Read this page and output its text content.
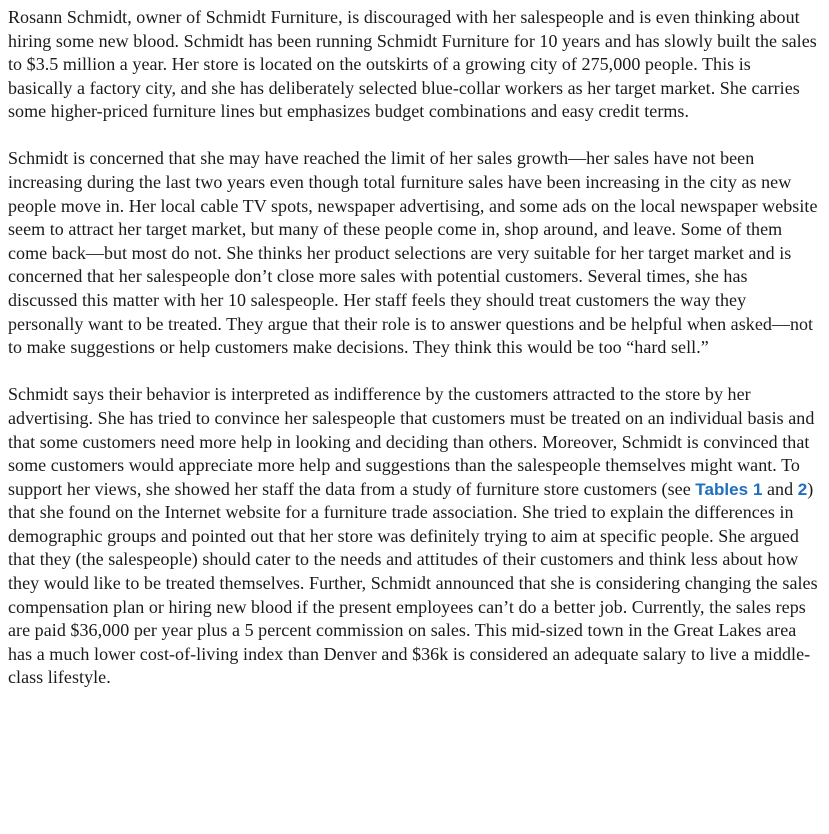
Rosann Schmidt, owner of Schmidt Furniture, is discouraged with her salespeople and is even thinking about hiring some new blood. Schmidt has been running Schmidt Furniture for 10 years and has slowly built the sales to $3.5 million a year. Her store is located on the outskirts of a growing city of 275,000 people. This is basically a factory city, and she has deliberately selected blue-collar workers as her target market. She carries some higher-priced furniture lines but emphasizes budget combinations and easy credit terms.

Schmidt is concerned that she may have reached the limit of her sales growth—her sales have not been increasing during the last two years even though total furniture sales have been increasing in the city as new people move in. Her local cable TV spots, newspaper advertising, and some ads on the local newspaper website seem to attract her target market, but many of these people come in, shop around, and leave. Some of them come back—but most do not. She thinks her product selections are very suitable for her target market and is concerned that her salespeople don’t close more sales with potential customers. Several times, she has discussed this matter with her 10 salespeople. Her staff feels they should treat customers the way they personally want to be treated. They argue that their role is to answer questions and be helpful when asked—not to make suggestions or help customers make decisions. They think this would be too “hard sell.”

Schmidt says their behavior is interpreted as indifference by the customers attracted to the store by her advertising. She has tried to convince her salespeople that customers must be treated on an individual basis and that some customers need more help in looking and deciding than others. Moreover, Schmidt is convinced that some customers would appreciate more help and suggestions than the salespeople themselves might want. To support her views, she showed her staff the data from a study of furniture store customers (see Tables 1 and 2) that she found on the Internet website for a furniture trade association. She tried to explain the differences in demographic groups and pointed out that her store was definitely trying to aim at specific people. She argued that they (the salespeople) should cater to the needs and attitudes of their customers and think less about how they would like to be treated themselves. Further, Schmidt announced that she is considering changing the sales compensation plan or hiring new blood if the present employees can’t do a better job. Currently, the sales reps are paid $36,000 per year plus a 5 percent commission on sales. This mid-sized town in the Great Lakes area has a much lower cost-of-living index than Denver and $36k is considered an adequate salary to live a middle-class lifestyle.
